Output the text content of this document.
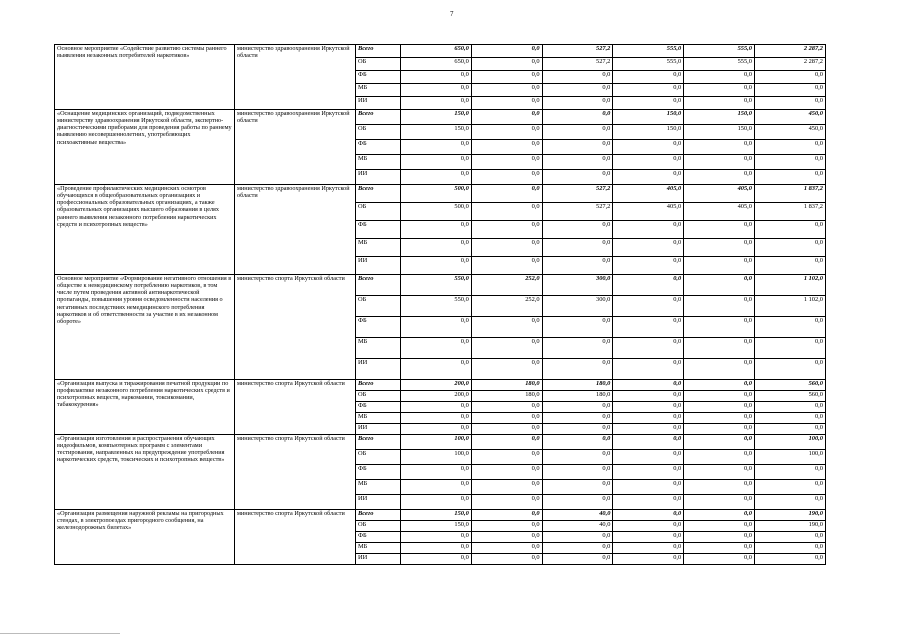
7
Основное мероприятие «Содействие развитию системы раннего выявления незаконных потребителей наркотиков»	министерство здравоохранения Иркутской области	Всего	650,0	0,0	527,2	555,0	555,0	2 287,2
		ОБ	650,0	0,0	527,2	555,0	555,0	2 287,2
		ФБ	0,0	0,0	0,0	0,0	0,0	0,0
		МБ	0,0	0,0	0,0	0,0	0,0	0,0
		ИИ	0,0	0,0	0,0	0,0	0,0	0,0
«Оснащение медицинских организаций, подведомственных министерству здравоохранения Иркутской области, экспертно-диагностическими приборами для проведения работы по раннему выявлению несовершеннолетних, употребляющих психоактивные вещества»	министерство здравоохранения Иркутской области	Всего	150,0	0,0	0,0	150,0	150,0	450,0
		ОБ	150,0	0,0	0,0	150,0	150,0	450,0
		ФБ	0,0	0,0	0,0	0,0	0,0	0,0
		МБ	0,0	0,0	0,0	0,0	0,0	0,0
		ИИ	0,0	0,0	0,0	0,0	0,0	0,0
«Проведение профилактических медицинских осмотров обучающихся в общеобразовательных организациях и профессиональных образовательных организациях, а также образовательных организациях высшего образования в целях раннего выявления незаконного потребления наркотических средств и психотропных веществ»	министерство здравоохранения Иркутской области	Всего	500,0	0,0	527,2	405,0	405,0	1 837,2
		ОБ	500,0	0,0	527,2	405,0	405,0	1 837,2
		ФБ	0,0	0,0	0,0	0,0	0,0	0,0
		МБ	0,0	0,0	0,0	0,0	0,0	0,0
		ИИ	0,0	0,0	0,0	0,0	0,0	0,0
Основное мероприятие «Формирование негативного отношения в обществе к немедицинскому потреблению наркотиков, в том числе путем проведения активной антинаркотической пропаганды, повышения уровня осведомленности населения о негативных последствиях немедицинского потребления наркотиков и об ответственности за участие в их незаконном обороте»	министерство спорта Иркутской области	Всего	550,0	252,0	300,0	0,0	0,0	1 102,0
		ОБ	550,0	252,0	300,0	0,0	0,0	1 102,0
		ФБ	0,0	0,0	0,0	0,0	0,0	0,0
		МБ	0,0	0,0	0,0	0,0	0,0	0,0
		ИИ	0,0	0,0	0,0	0,0	0,0	0,0
«Организация выпуска и тиражирования печатной продукции по профилактике незаконного потребления наркотических средств и психотропных веществ, наркомании, токсикомании, табакокурения»	министерство спорта Иркутской области	Всего	200,0	180,0	180,0	0,0	0,0	560,0
		ОБ	200,0	180,0	180,0	0,0	0,0	560,0
		ФБ	0,0	0,0	0,0	0,0	0,0	0,0
		МБ	0,0	0,0	0,0	0,0	0,0	0,0
		ИИ	0,0	0,0	0,0	0,0	0,0	0,0
«Организация изготовления и распространения обучающих видеофильмов, компьютерных программ с элементами тестирования, направленных на предупреждение употребления наркотических средств, токсических и психотропных веществ»	министерство спорта Иркутской области	Всего	100,0	0,0	0,0	0,0	0,0	100,0
		ОБ	100,0	0,0	0,0	0,0	0,0	100,0
		ФБ	0,0	0,0	0,0	0,0	0,0	0,0
		МБ	0,0	0,0	0,0	0,0	0,0	0,0
		ИИ	0,0	0,0	0,0	0,0	0,0	0,0
«Организация размещения наружной рекламы на пригородных стендах, в электропоездах пригородного сообщения, на железнодорожных билетах»	министерство спорта Иркутской области	Всего	150,0	0,0	40,0	0,0	0,0	190,0
		ОБ	150,0	0,0	40,0	0,0	0,0	190,0
		ФБ	0,0	0,0	0,0	0,0	0,0	0,0
		МБ	0,0	0,0	0,0	0,0	0,0	0,0
		ИИ	0,0	0,0	0,0	0,0	0,0	0,0
